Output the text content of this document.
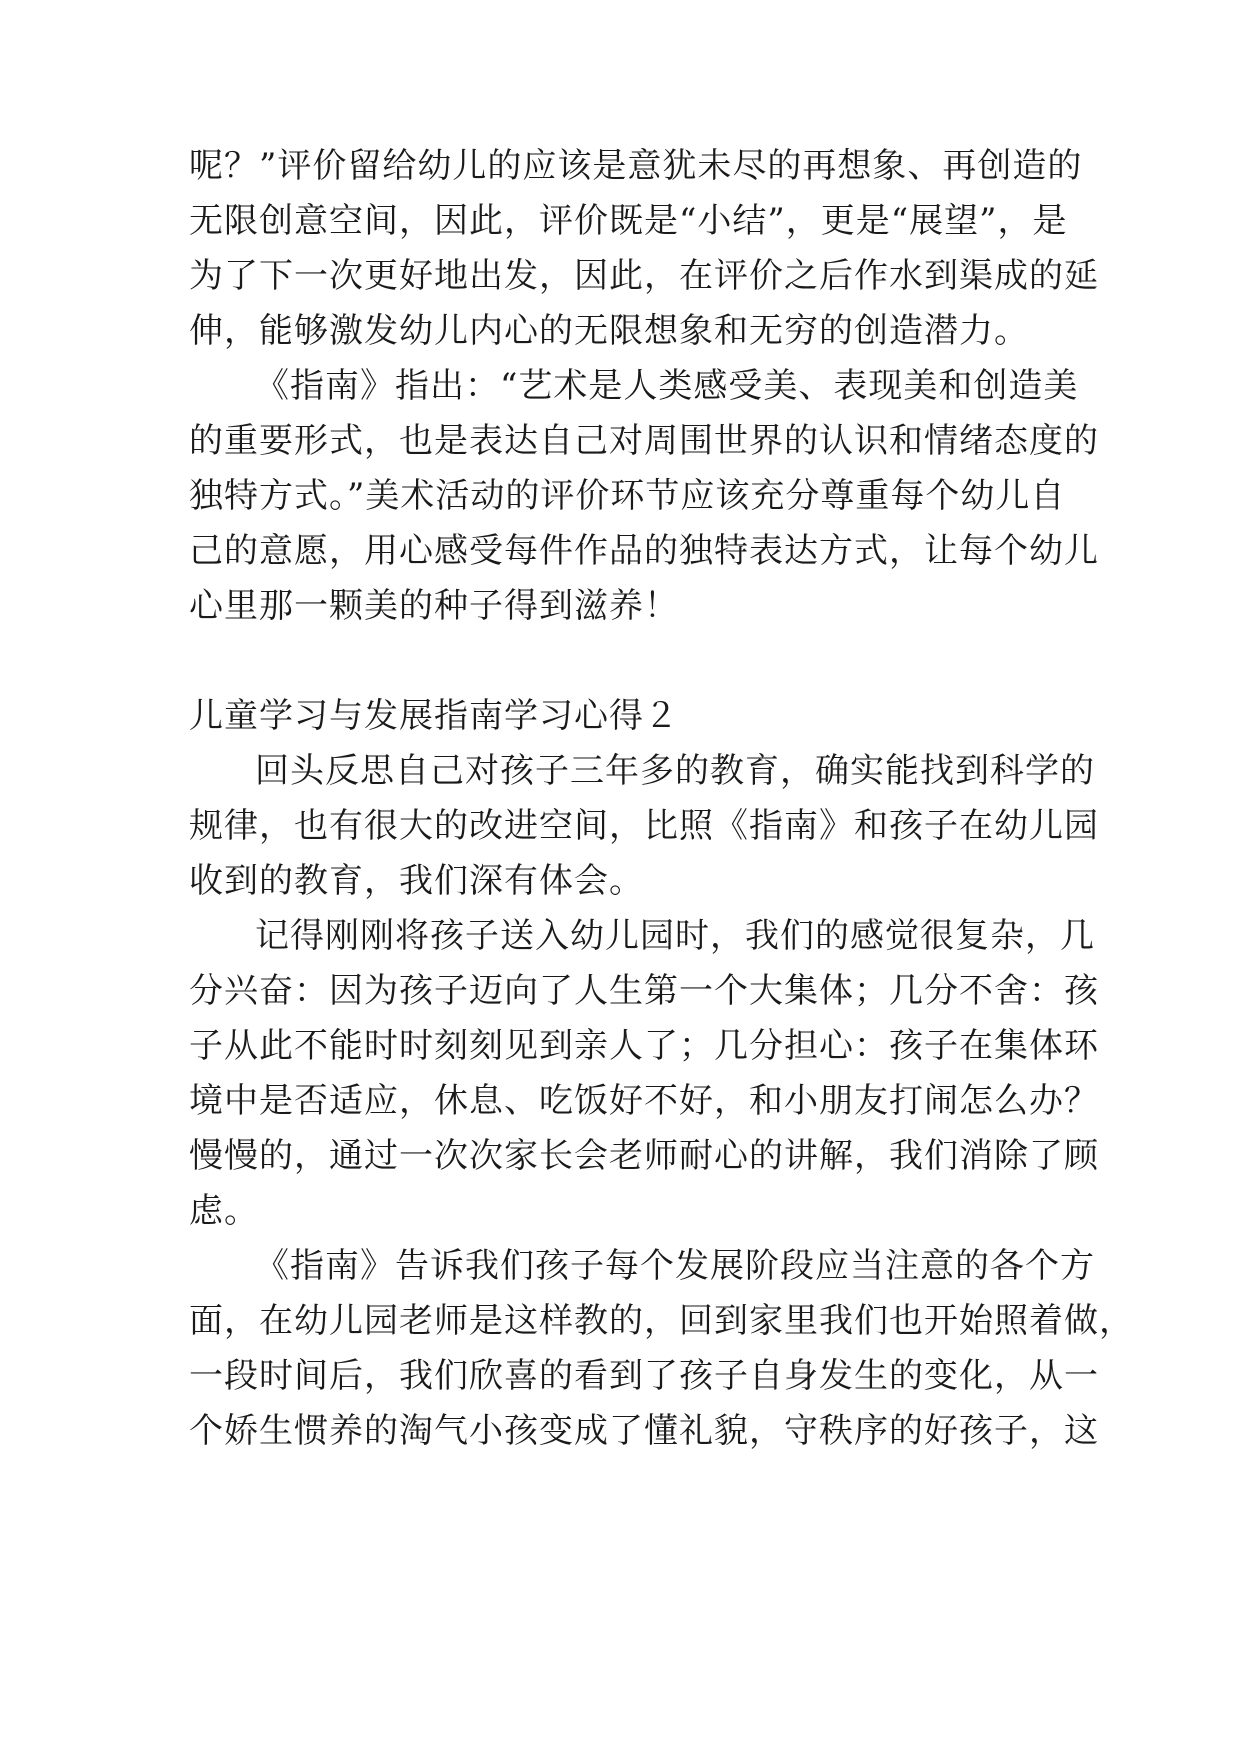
呢？”评价留给幼儿的应该是意犹未尽的再想象、再创造的
无限创意空间，因此，评价既是“小结”，更是“展望”，是
为了下一次更好地出发，因此，在评价之后作水到渠成的延
伸，能够激发幼儿内心的无限想象和无穷的创造潜力。
《指南》指出：“艺术是人类感受美、表现美和创造美
的重要形式，也是表达自己对周围世界的认识和情绪态度的
独特方式。”美术活动的评价环节应该充分尊重每个幼儿自
己的意愿，用心感受每件作品的独特表达方式，让每个幼儿
心里那一颗美的种子得到滋养！
儿童学习与发展指南学习心得２
回头反思自己对孩子三年多的教育，确实能找到科学的
规律，也有很大的改进空间，比照《指南》和孩子在幼儿园
收到的教育，我们深有体会。
记得刚刚将孩子送入幼儿园时，我们的感觉很复杂，几
分兴奋：因为孩子迈向了人生第一个大集体；几分不舍：孩
子从此不能时时刻刻见到亲人了；几分担心：孩子在集体环
境中是否适应，休息、吃饭好不好，和小朋友打闹怎么办？
慢慢的，通过一次次家长会老师耐心的讲解，我们消除了顾
虑。
《指南》告诉我们孩子每个发展阶段应当注意的各个方
面，在幼儿园老师是这样教的，回到家里我们也开始照着做，
一段时间后，我们欣喜的看到了孩子自身发生的变化，从一
个娇生惯养的淘气小孩变成了懂礼貌，守秩序的好孩子，这
